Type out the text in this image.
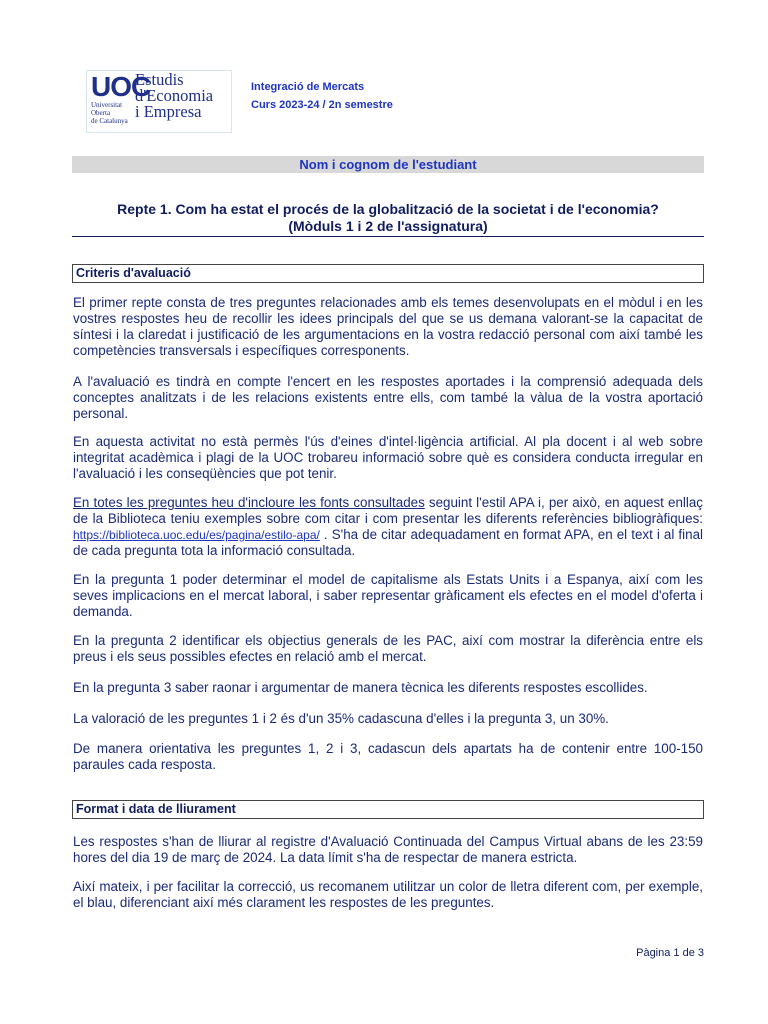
UOC
Universitat
Oberta
de Catalunya
Estudis
d'Economia
i Empresa
Integració de Mercats
Curs 2023-24 / 2n semestre
Nom i cognom de l'estudiant
Repte 1. Com ha estat el procés de la globalització de la societat i de l'economia?
(Mòduls 1 i 2 de l'assignatura)
Criteris d'avaluació

El primer repte consta de tres preguntes relacionades amb els temes desenvolupats en el mòdul i en les vostres respostes heu de recollir les idees principals del que se us demana valorant-se la capacitat de síntesi i la claredat i justificació de les argumentacions en la vostra redacció personal com així també les competències transversals i específiques corresponents.

A l'avaluació es tindrà en compte l'encert en les respostes aportades i la comprensió adequada dels conceptes analitzats i de les relacions existents entre ells, com també la vàlua de la vostra aportació personal.

En aquesta activitat no està permès l'ús d'eines d'intel·ligència artificial. Al pla docent i al web sobre integritat acadèmica i plagi de la UOC trobareu informació sobre què es considera conducta irregular en l'avaluació i les conseqüències que pot tenir.

En totes les preguntes heu d'incloure les fonts consultades seguint l'estil APA i, per això, en aquest enllaç de la Biblioteca teniu exemples sobre com citar i com presentar les diferents referències bibliogràfiques: https://biblioteca.uoc.edu/es/pagina/estilo-apa/ . S'ha de citar adequadament en format APA, en el text i al final de cada pregunta tota la informació consultada.

En la pregunta 1 poder determinar el model de capitalisme als Estats Units i a Espanya, així com les seves implicacions en el mercat laboral, i saber representar gràficament els efectes en el model d'oferta i demanda.

En la pregunta 2 identificar els objectius generals de les PAC, així com mostrar la diferència entre els preus i els seus possibles efectes en relació amb el mercat.

En la pregunta 3 saber raonar i argumentar de manera tècnica les diferents respostes escollides.

La valoració de les preguntes 1 i 2 és d'un 35% cadascuna d'elles i la pregunta 3, un 30%.

De manera orientativa les preguntes 1, 2 i 3, cadascun dels apartats ha de contenir entre 100-150 paraules cada resposta.

Format i data de lliurament

Les respostes s'han de lliurar al registre d'Avaluació Continuada del Campus Virtual abans de les 23:59 hores del dia 19 de març de 2024. La data límit s'ha de respectar de manera estricta.

Així mateix, i per facilitar la correcció, us recomanem utilitzar un color de lletra diferent com, per exemple, el blau, diferenciant així més clarament les respostes de les preguntes.

Pàgina 1 de 3
